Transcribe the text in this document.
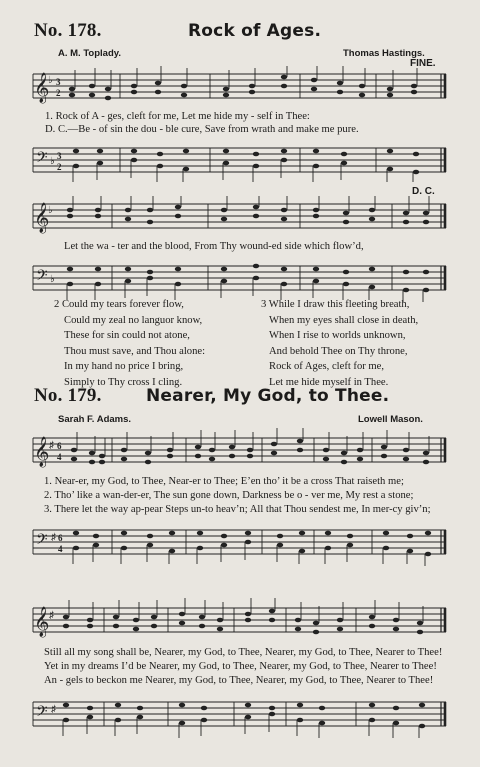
No. 178.	Rock of Ages.
A. M. Toplady.	Thomas Hastings.
FINE.
𝄞
♭ 3
2
1. Rock of A - ges, cleft for me, Let me hide my - self in Thee:
D. C.—Be - of sin the dou - ble cure, Save from wrath and make me pure.
𝄢 ♭ 3
2
D. C.
𝄞
♭
Let the wa - ter and the blood, From Thy wound-ed side which flow’d,
𝄢 ♭
2 Could my tears forever flow,
Could my zeal no languor know,
These for sin could not atone,
Thou must save, and Thou alone:
In my hand no price I bring,
Simply to Thy cross I cling.
3 While I draw this fleeting breath,
When my eyes shall close in death,
When I rise to worlds unknown,
And behold Thee on Thy throne,
Rock of Ages, cleft for me,
Let me hide myself in Thee.
No. 179.	Nearer, My God, to Thee.
Sarah F. Adams.	Lowell Mason.
𝄞 ♯ 6
4
1. Near-er, my God, to Thee, Near-er to Thee; E’en tho’ it be a cross That raiseth me;
2. Tho’ like a wan-der-er, The sun gone down, Darkness be o - ver me, My rest a stone;
3. There let the way ap-pear Steps un-to heav’n; All that Thou sendest me, In mer-cy giv’n;
𝄢 ♯ 6
4
𝄞 ♯
Still all my song shall be, Nearer, my God, to Thee, Nearer, my God, to Thee, Nearer to Thee!
Yet in my dreams I’d be Nearer, my God, to Thee, Nearer, my God, to Thee, Nearer to Thee!
An - gels to beckon me Nearer, my God, to Thee, Nearer, my God, to Thee, Nearer to Thee!
𝄢 ♯
